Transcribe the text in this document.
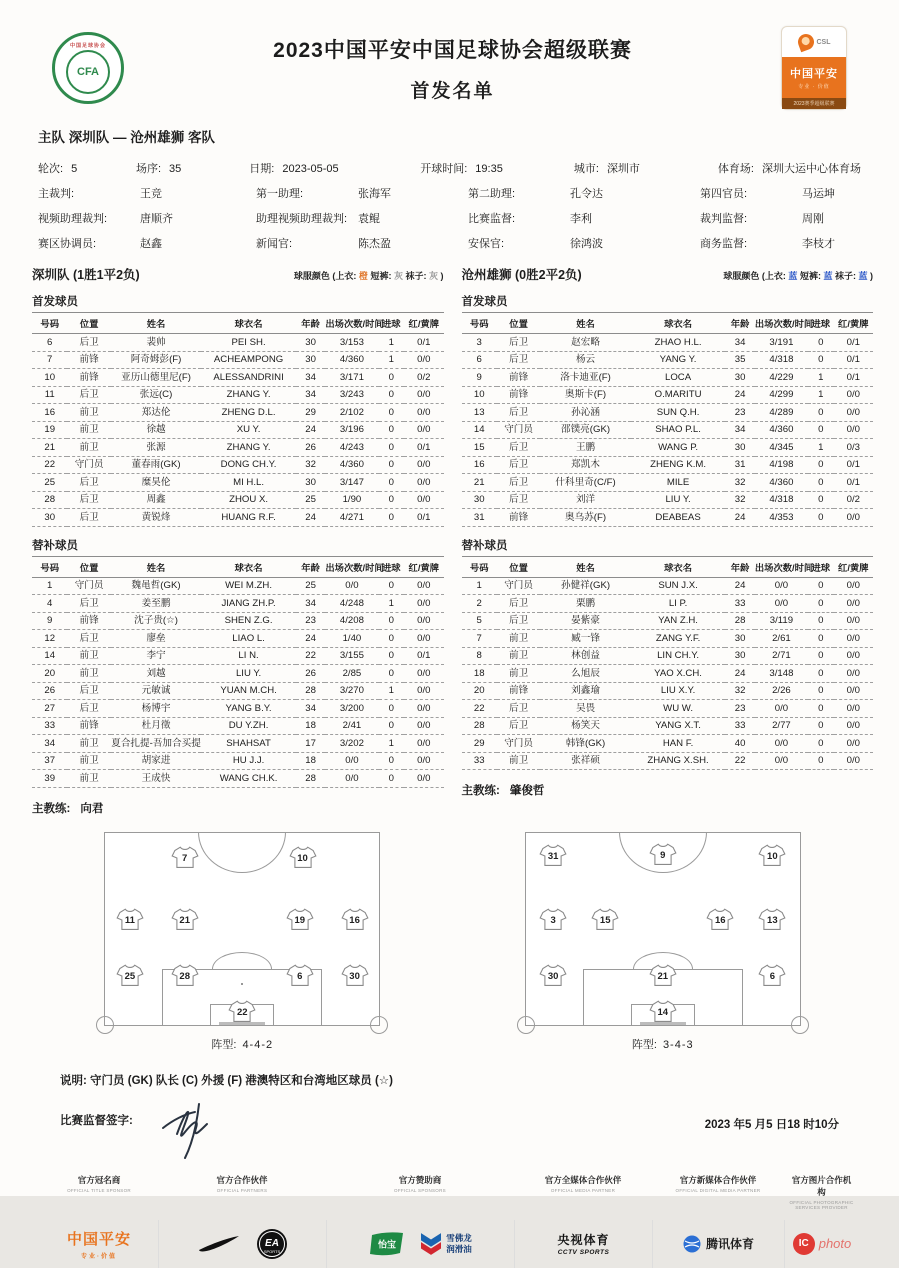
中国足球协会
CFA
2023中国平安中国足球协会超级联赛
首发名单
CSL
中国平安
专业 · 价值
2023赛季超级联赛
主队 深圳队 — 沧州雄狮 客队
轮次: 5	场序: 35	日期: 2023-05-05	开球时间: 19:35	城市: 深圳市	体育场: 深圳大运中心体育场
主裁判:	王竞	第一助理:	张海军	第二助理:	孔令达	第四官员:	马运坤
视频助理裁判:	唐顺齐	助理视频助理裁判: 袁鲲	比赛监督:	李利	裁判监督:	周刚
赛区协调员:	赵鑫	新闻官:	陈杰盈	安保官:	徐鸿波	商务监督:	李枝才
深圳队 (1胜1平2负)	球服颜色 (上衣: 橙 短裤: 灰 袜子: 灰 )
首发球员
号码	位置	姓名	球衣名	年龄	出场次数/时间	进球	红/黄牌
6	后卫	裴帅	PEI SH.	30	3/153	1	0/1
7	前锋	阿奇姆彭(F)	ACHEAMPONG	30	4/360	1	0/0
10	前锋	亚历山德里尼(F)	ALESSANDRINI	34	3/171	0	0/2
11	后卫	张远(C)	ZHANG Y.	34	3/243	0	0/0
16	前卫	郑达伦	ZHENG D.L.	29	2/102	0	0/0
19	前卫	徐越	XU Y.	24	3/196	0	0/0
21	前卫	张源	ZHANG Y.	26	4/243	0	0/1
22	守门员	董春雨(GK)	DONG CH.Y.	32	4/360	0	0/0
25	后卫	糜昊伦	MI H.L.	30	3/147	0	0/0
28	后卫	周鑫	ZHOU X.	25	1/90	0	0/0
30	后卫	黄锐烽	HUANG R.F.	24	4/271	0	0/1
替补球员
号码	位置	姓名	球衣名	年龄	出场次数/时间	进球	红/黄牌
1	守门员	魏黾哲(GK)	WEI M.ZH.	25	0/0	0	0/0
4	后卫	姜至鹏	JIANG ZH.P.	34	4/248	1	0/0
9	前锋	沈子贵(☆)	SHEN Z.G.	23	4/208	0	0/0
12	后卫	廖垒	LIAO L.	24	1/40	0	0/0
14	前卫	李宁	LI N.	22	3/155	0	0/1
20	前卫	刘越	LIU Y.	26	2/85	0	0/0
26	后卫	元敏诚	YUAN M.CH.	28	3/270	1	0/0
27	后卫	杨博宇	YANG B.Y.	34	3/200	0	0/0
33	前锋	杜月徵	DU Y.ZH.	18	2/41	0	0/0
34	前卫	夏合扎提-吾加合买提	SHAHSAT	17	3/202	1	0/0
37	前卫	胡家进	HU J.J.	18	0/0	0	0/0
39	前卫	王成快	WANG CH.K.	28	0/0	0	0/0
主教练: 向君
沧州雄狮 (0胜2平2负)	球服颜色 (上衣: 蓝 短裤: 蓝 袜子: 蓝 )
首发球员
号码	位置	姓名	球衣名	年龄	出场次数/时间	进球	红/黄牌
3	后卫	赵宏略	ZHAO H.L.	34	3/191	0	0/1
6	后卫	杨云	YANG Y.	35	4/318	0	0/1
9	前锋	洛卡迪亚(F)	LOCA	30	4/229	1	0/1
10	前锋	奥斯卡(F)	O.MARITU	24	4/299	1	0/0
13	后卫	孙沁涵	SUN Q.H.	23	4/289	0	0/0
14	守门员	邵镤亮(GK)	SHAO P.L.	34	4/360	0	0/0
15	后卫	王鹏	WANG P.	30	4/345	1	0/3
16	后卫	郑凯木	ZHENG K.M.	31	4/198	0	0/1
21	后卫	什科里奇(C/F)	MILE	32	4/360	0	0/1
30	后卫	刘洋	LIU Y.	32	4/318	0	0/2
31	前锋	奥乌苏(F)	DEABEAS	24	4/353	0	0/0
替补球员
号码	位置	姓名	球衣名	年龄	出场次数/时间	进球	红/黄牌
1	守门员	孙健祥(GK)	SUN J.X.	24	0/0	0	0/0
2	后卫	栗鹏	LI P.	33	0/0	0	0/0
5	后卫	晏紫豪	YAN Z.H.	28	3/119	0	0/0
7	前卫	臧一锋	ZANG Y.F.	30	2/61	0	0/0
8	前卫	林创益	LIN CH.Y.	30	2/71	0	0/0
18	前卫	么旭辰	YAO X.CH.	24	3/148	0	0/0
20	前锋	刘鑫瑜	LIU X.Y.	32	2/26	0	0/0
22	后卫	吴畏	WU W.	23	0/0	0	0/0
28	后卫	杨笑天	YANG X.T.	33	2/77	0	0/0
29	守门员	韩锋(GK)	HAN F.	40	0/0	0	0/0
33	前卫	张祥硕	ZHANG X.SH.	22	0/0	0	0/0
主教练: 肇俊哲
7	10
11	21	19	16
25	28	6	30
22
阵型: 4-4-2
31	9	10
3	15	16	13
30	21	6
14
阵型: 3-4-3
说明: 守门员 (GK) 队长 (C) 外援 (F) 港澳特区和台湾地区球员 (☆)
比赛监督签字:	2023 年5 月5 日18 时10分
官方冠名商
OFFICIAL TITLE SPONSOR
官方合作伙伴
OFFICIAL PARTNERS
官方赞助商
OFFICIAL SPONSORS
官方全媒体合作伙伴
OFFICIAL MEDIA PARTNER
官方新媒体合作伙伴
OFFICIAL DIGITAL MEDIA PARTNER
官方图片合作机构
OFFICIAL PHOTOGRAPHIC SERVICES PROVIDER
中国平安
专业·价值
EA
SPORTS
怡宝
雪佛龙
润滑油
央视体育
CCTV SPORTS
腾讯体育	IC photo
